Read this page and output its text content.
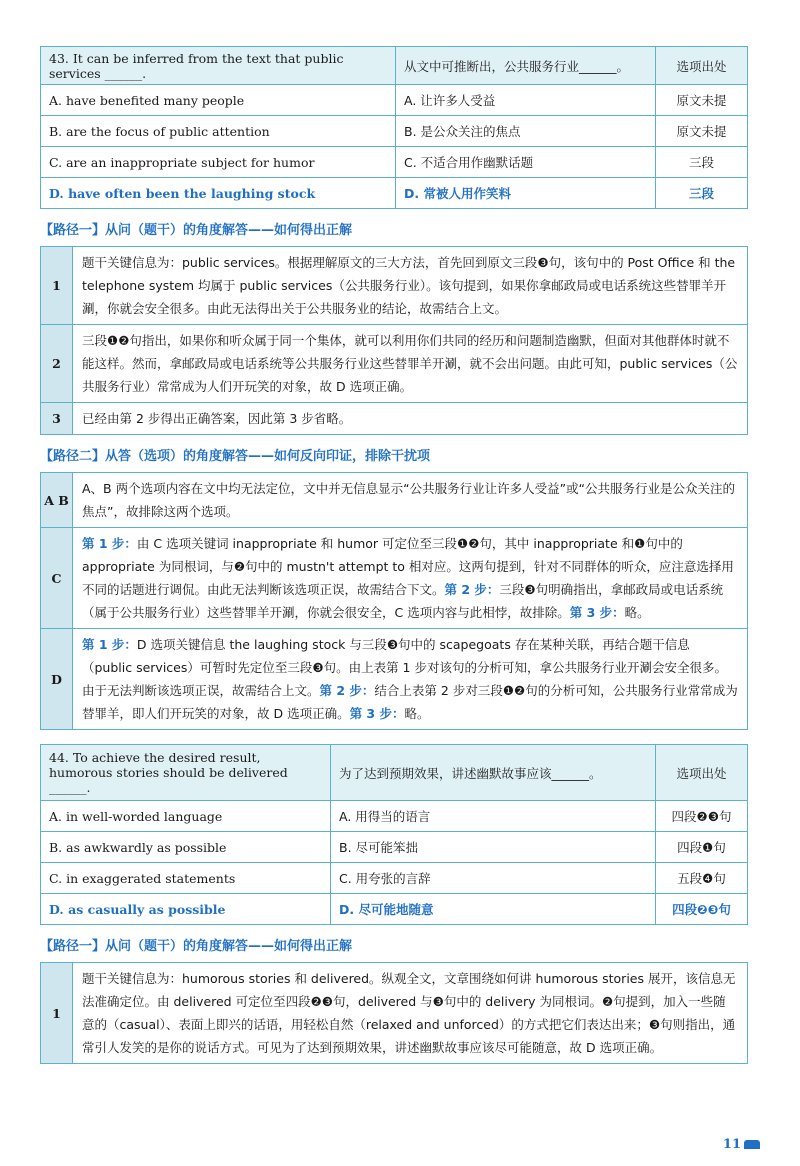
43. It can be inferred from the text that public services ______.	从文中可推断出，公共服务行业______。	选项出处
A. have benefited many people	A. 让许多人受益	原文未提
B. are the focus of public attention	B. 是公众关注的焦点	原文未提
C. are an inappropriate subject for humor	C. 不适合用作幽默话题	三段
D. have often been the laughing stock	D. 常被人用作笑料	三段
【路径一】从问（题干）的角度解答——如何得出正解
1	题干关键信息为：public services。根据理解原文的三大方法，首先回到原文三段❸句，该句中的 Post Office 和 the telephone system 均属于 public services（公共服务行业）。该句提到，如果你拿邮政局或电话系统这些替罪羊开涮，你就会安全很多。由此无法得出关于公共服务业的结论，故需结合上文。
2	三段❶❷句指出，如果你和听众属于同一个集体，就可以利用你们共同的经历和问题制造幽默，但面对其他群体时就不能这样。然而，拿邮政局或电话系统等公共服务行业这些替罪羊开涮，就不会出问题。由此可知，public services（公共服务行业）常常成为人们开玩笑的对象，故 D 选项正确。
3	已经由第 2 步得出正确答案，因此第 3 步省略。
【路径二】从答（选项）的角度解答——如何反向印证，排除干扰项
A B	A、B 两个选项内容在文中均无法定位，文中并无信息显示“公共服务行业让许多人受益”或“公共服务行业是公众关注的焦点”，故排除这两个选项。
C	第 1 步：由 C 选项关键词 inappropriate 和 humor 可定位至三段❶❷句，其中 inappropriate 和❶句中的 appropriate 为同根词，与❷句中的 mustn't attempt to 相对应。这两句提到，针对不同群体的听众，应注意选择用不同的话题进行调侃。由此无法判断该选项正误，故需结合下文。第 2 步：三段❸句明确指出，拿邮政局或电话系统（属于公共服务行业）这些替罪羊开涮，你就会很安全，C 选项内容与此相悖，故排除。第 3 步：略。
D	第 1 步：D 选项关键信息 the laughing stock 与三段❸句中的 scapegoats 存在某种关联，再结合题干信息（public services）可暂时先定位至三段❸句。由上表第 1 步对该句的分析可知，拿公共服务行业开涮会安全很多。由于无法判断该选项正误，故需结合上文。第 2 步：结合上表第 2 步对三段❶❷句的分析可知，公共服务行业常常成为替罪羊，即人们开玩笑的对象，故 D 选项正确。第 3 步：略。
44. To achieve the desired result, humorous stories should be delivered ______.	为了达到预期效果，讲述幽默故事应该______。	选项出处
A. in well-worded language	A. 用得当的语言	四段❷❸句
B. as awkwardly as possible	B. 尽可能笨拙	四段❶句
C. in exaggerated statements	C. 用夸张的言辞	五段❹句
D. as casually as possible	D. 尽可能地随意	四段❷❸句
【路径一】从问（题干）的角度解答——如何得出正解
1	题干关键信息为：humorous stories 和 delivered。纵观全文，文章围绕如何讲 humorous stories 展开，该信息无法准确定位。由 delivered 可定位至四段❷❸句，delivered 与❸句中的 delivery 为同根词。❷句提到，加入一些随意的（casual）、表面上即兴的话语，用轻松自然（relaxed and unforced）的方式把它们表达出来；❸句则指出，通常引人发笑的是你的说话方式。可见为了达到预期效果，讲述幽默故事应该尽可能随意，故 D 选项正确。
11
